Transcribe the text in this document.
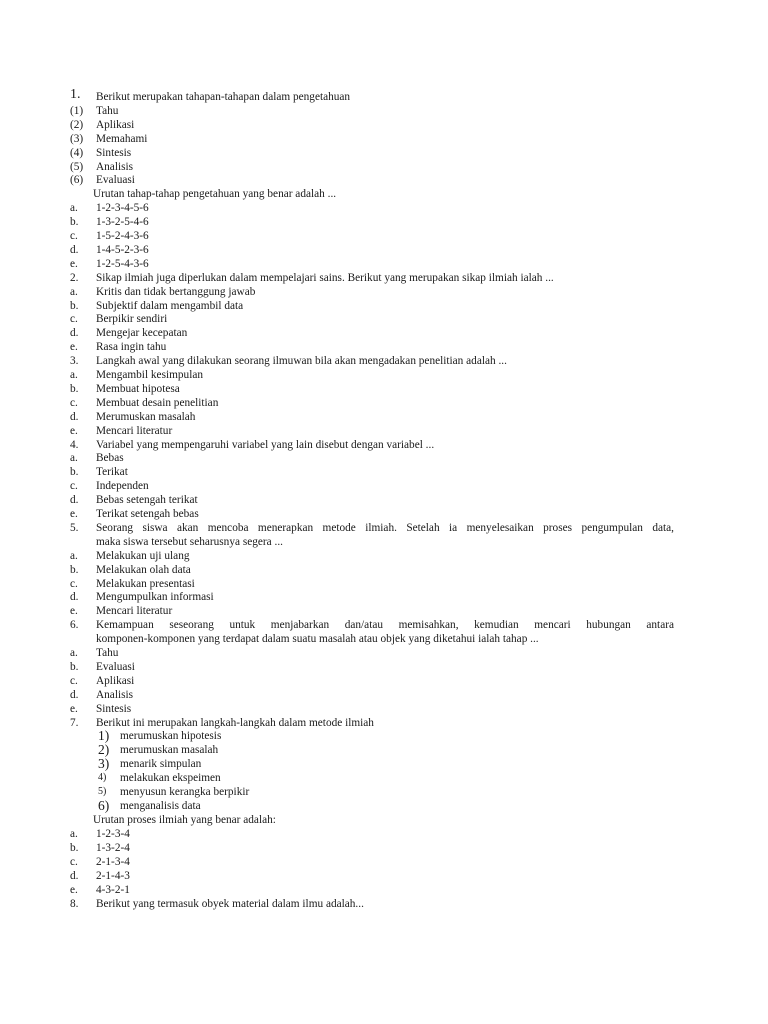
1. Berikut merupakan tahapan-tahapan dalam pengetahuan
(1) Tahu
(2) Aplikasi
(3) Memahami
(4) Sintesis
(5) Analisis
(6) Evaluasi
Urutan tahap-tahap pengetahuan yang benar adalah ...
a. 1-2-3-4-5-6
b. 1-3-2-5-4-6
c. 1-5-2-4-3-6
d. 1-4-5-2-3-6
e. 1-2-5-4-3-6
2. Sikap ilmiah juga diperlukan dalam mempelajari sains. Berikut yang merupakan sikap ilmiah ialah ...
a. Kritis dan tidak bertanggung jawab
b. Subjektif dalam mengambil data
c. Berpikir sendiri
d. Mengejar kecepatan
e. Rasa ingin tahu
3. Langkah awal yang dilakukan seorang ilmuwan bila akan mengadakan penelitian adalah ...
a. Mengambil kesimpulan
b. Membuat hipotesa
c. Membuat desain penelitian
d. Merumuskan masalah
e. Mencari literatur
4. Variabel yang mempengaruhi variabel yang lain disebut dengan variabel ...
a. Bebas
b. Terikat
c. Independen
d. Bebas setengah terikat
e. Terikat setengah bebas
5. Seorang siswa akan mencoba menerapkan metode ilmiah. Setelah ia menyelesaikan proses pengumpulan data,
maka siswa tersebut seharusnya segera ...
a. Melakukan uji ulang
b. Melakukan olah data
c. Melakukan presentasi
d. Mengumpulkan informasi
e. Mencari literatur
6. Kemampuan seseorang untuk menjabarkan dan/atau memisahkan, kemudian mencari hubungan antara
komponen-komponen yang terdapat dalam suatu masalah atau objek yang diketahui ialah tahap ...
a. Tahu
b. Evaluasi
c. Aplikasi
d. Analisis
e. Sintesis
7. Berikut ini merupakan langkah-langkah dalam metode ilmiah
1) merumuskan hipotesis
2) merumuskan masalah
3) menarik simpulan
4) melakukan ekspeimen
5) menyusun kerangka berpikir
6) menganalisis data
Urutan proses ilmiah yang benar adalah:
a. 1-2-3-4
b. 1-3-2-4
c. 2-1-3-4
d. 2-1-4-3
e. 4-3-2-1
8. Berikut yang termasuk obyek material dalam ilmu adalah...
